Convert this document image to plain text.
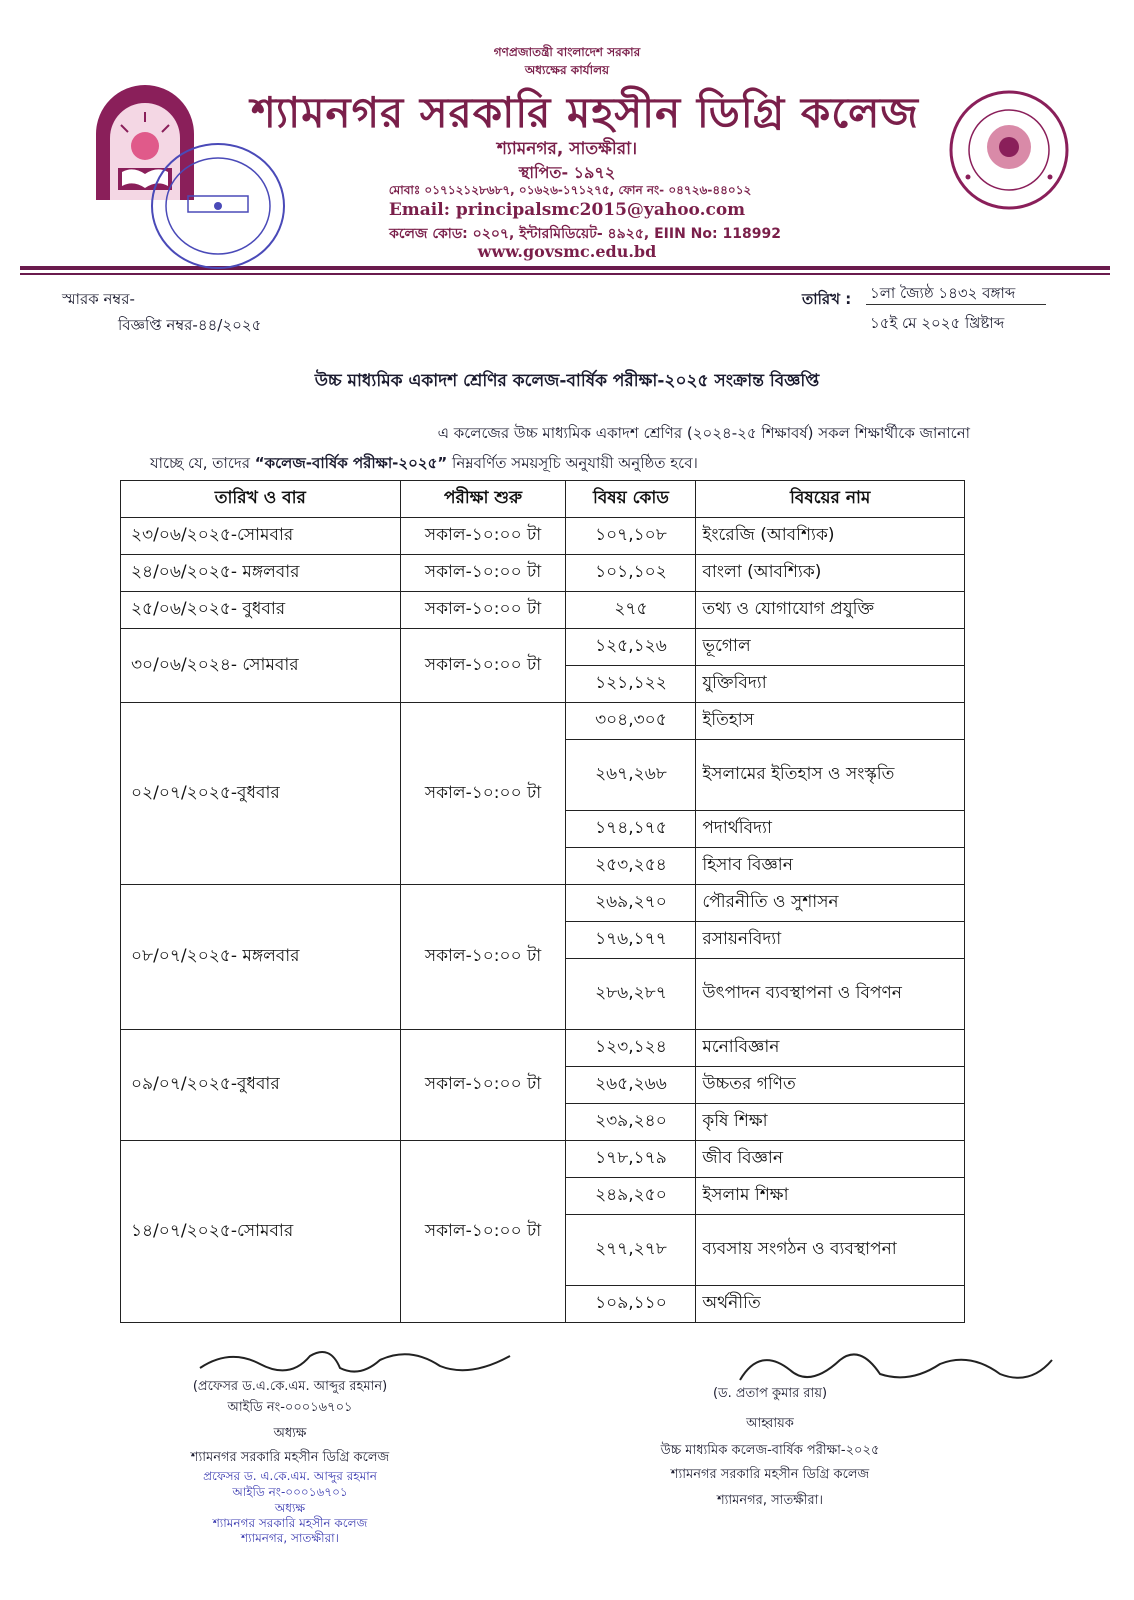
গণপ্রজাতন্ত্রী বাংলাদেশ সরকার
অধ্যক্ষের কার্যালয়
শ্যামনগর সরকারি মহসীন ডিগ্রি কলেজ
শ্যামনগর, সাতক্ষীরা।
স্থাপিত- ১৯৭২
মোবাঃ ০১৭১২১২৮৬৮৭, ০১৬২৬-১৭১২৭৫, ফোন নং- ০৪৭২৬-৪৪০১২
Email: principalsmc2015@yahoo.com
কলেজ কোড: ০২০৭, ইন্টারমিডিয়েট- ৪৯২৫, EIIN No: 118992
www.govsmc.edu.bd
স্মারক নম্বর-
বিজ্ঞপ্তি নম্বর-৪৪/২০২৫
তারিখ : ১লা জ্যৈষ্ঠ ১৪৩২ বঙ্গাব্দ
১৫ই মে ২০২৫ খ্রিষ্টাব্দ
উচ্চ মাধ্যমিক একাদশ শ্রেণির কলেজ-বার্ষিক পরীক্ষা-২০২৫ সংক্রান্ত বিজ্ঞপ্তি
এ কলেজের উচ্চ মাধ্যমিক একাদশ শ্রেণির (২০২৪-২৫ শিক্ষাবর্ষ) সকল শিক্ষার্থীকে জানানো
যাচ্ছে যে, তাদের “কলেজ-বার্ষিক পরীক্ষা-২০২৫” নিম্নবর্ণিত সময়সূচি অনুযায়ী অনুষ্ঠিত হবে।
তারিখ ও বার	পরীক্ষা শুরু	বিষয় কোড	বিষয়ের নাম
২৩/০৬/২০২৫-সোমবার	সকাল-১০:০০ টা	১০৭,১০৮	ইংরেজি (আবশ্যিক)
২৪/০৬/২০২৫- মঙ্গলবার	সকাল-১০:০০ টা	১০১,১০২	বাংলা (আবশ্যিক)
২৫/০৬/২০২৫- বুধবার	সকাল-১০:০০ টা	২৭৫	তথ্য ও যোগাযোগ প্রযুক্তি
৩০/০৬/২০২৪- সোমবার	সকাল-১০:০০ টা	১২৫,১২৬	ভূগোল
		১২১,১২২	যুক্তিবিদ্যা
০২/০৭/২০২৫-বুধবার	সকাল-১০:০০ টা	৩০৪,৩০৫	ইতিহাস
		২৬৭,২৬৮	ইসলামের ইতিহাস ও সংস্কৃতি
		১৭৪,১৭৫	পদার্থবিদ্যা
		২৫৩,২৫৪	হিসাব বিজ্ঞান
০৮/০৭/২০২৫- মঙ্গলবার	সকাল-১০:০০ টা	২৬৯,২৭০	পৌরনীতি ও সুশাসন
		১৭৬,১৭৭	রসায়নবিদ্যা
		২৮৬,২৮৭	উৎপাদন ব্যবস্থাপনা ও বিপণন
০৯/০৭/২০২৫-বুধবার	সকাল-১০:০০ টা	১২৩,১২৪	মনোবিজ্ঞান
		২৬৫,২৬৬	উচ্চতর গণিত
		২৩৯,২৪০	কৃষি শিক্ষা
১৪/০৭/২০২৫-সোমবার	সকাল-১০:০০ টা	১৭৮,১৭৯	জীব বিজ্ঞান
		২৪৯,২৫০	ইসলাম শিক্ষা
		২৭৭,২৭৮	ব্যবসায় সংগঠন ও ব্যবস্থাপনা
		১০৯,১১০	অর্থনীতি
(প্রফেসর ড.এ.কে.এম. আব্দুর রহমান)
আইডি নং-০০০১৬৭০১
অধ্যক্ষ
শ্যামনগর সরকারি মহসীন ডিগ্রি কলেজ
প্রফেসর ড. এ.কে.এম. আব্দুর রহমান
আইডি নং-০০০১৬৭০১
অধ্যক্ষ
শ্যামনগর সরকারি মহসীন কলেজ
শ্যামনগর, সাতক্ষীরা।
(ড. প্রতাপ কুমার রায়)
আহ্বায়ক
উচ্চ মাধ্যমিক কলেজ-বার্ষিক পরীক্ষা-২০২৫
শ্যামনগর সরকারি মহসীন ডিগ্রি কলেজ
শ্যামনগর, সাতক্ষীরা।
